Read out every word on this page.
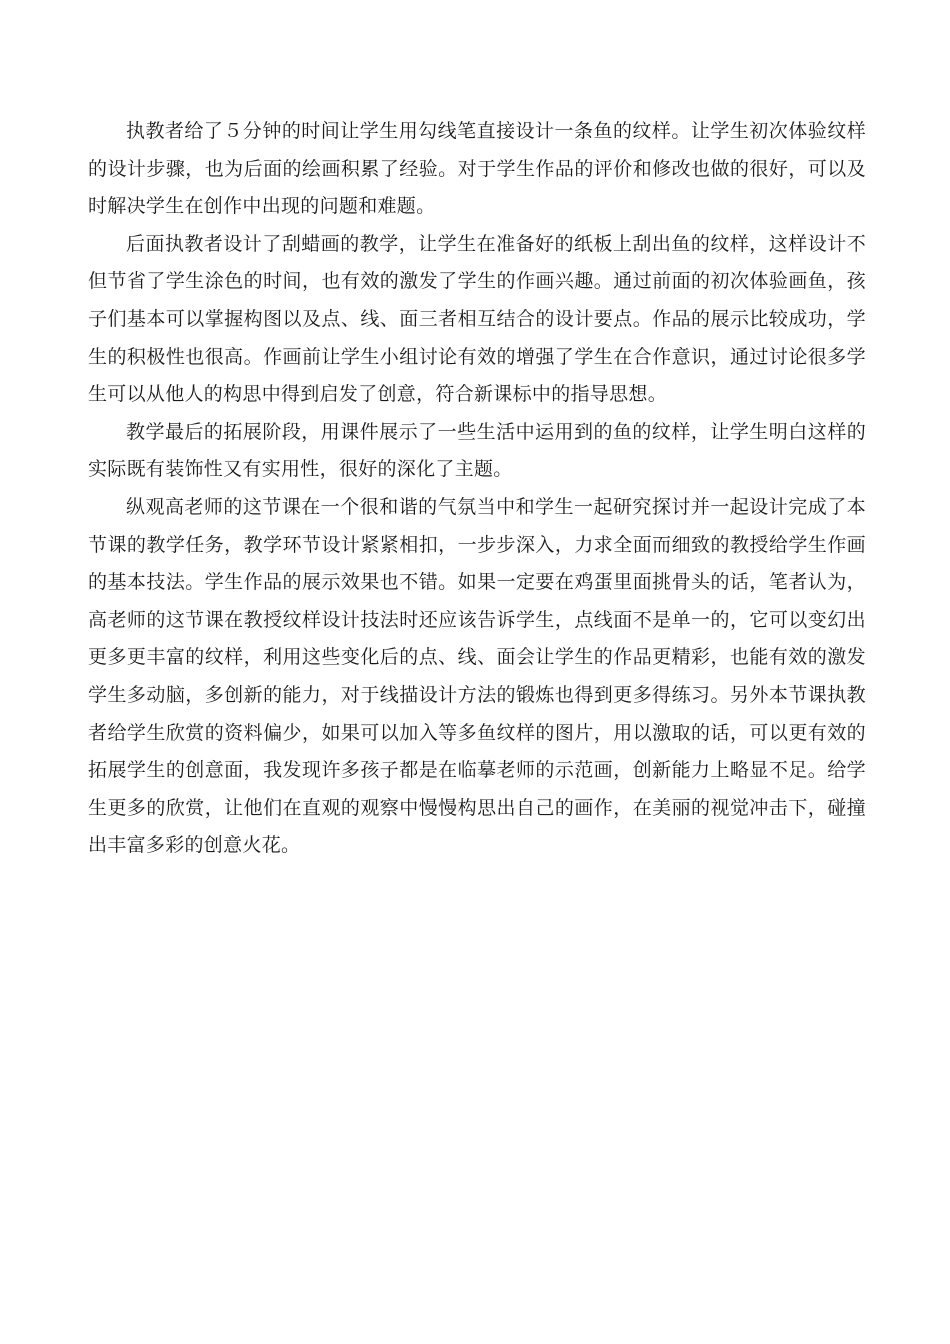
执教者给了５分钟的时间让学生用勾线笔直接设计一条鱼的纹样。让学生初次体验纹样的设计步骤，也为后面的绘画积累了经验。对于学生作品的评价和修改也做的很好，可以及时解决学生在创作中出现的问题和难题。

后面执教者设计了刮蜡画的教学，让学生在准备好的纸板上刮出鱼的纹样，这样设计不但节省了学生涂色的时间，也有效的激发了学生的作画兴趣。通过前面的初次体验画鱼，孩子们基本可以掌握构图以及点、线、面三者相互结合的设计要点。作品的展示比较成功，学生的积极性也很高。作画前让学生小组讨论有效的增强了学生在合作意识，通过讨论很多学生可以从他人的构思中得到启发了创意，符合新课标中的指导思想。

教学最后的拓展阶段，用课件展示了一些生活中运用到的鱼的纹样，让学生明白这样的实际既有装饰性又有实用性，很好的深化了主题。

纵观高老师的这节课在一个很和谐的气氛当中和学生一起研究探讨并一起设计完成了本节课的教学任务，教学环节设计紧紧相扣，一步步深入，力求全面而细致的教授给学生作画的基本技法。学生作品的展示效果也不错。如果一定要在鸡蛋里面挑骨头的话，笔者认为，高老师的这节课在教授纹样设计技法时还应该告诉学生，点线面不是单一的，它可以变幻出更多更丰富的纹样，利用这些变化后的点、线、面会让学生的作品更精彩，也能有效的激发学生多动脑，多创新的能力，对于线描设计方法的锻炼也得到更多得练习。另外本节课执教者给学生欣赏的资料偏少，如果可以加入等多鱼纹样的图片，用以激取的话，可以更有效的拓展学生的创意面，我发现许多孩子都是在临摹老师的示范画，创新能力上略显不足。给学生更多的欣赏，让他们在直观的观察中慢慢构思出自己的画作，在美丽的视觉冲击下，碰撞出丰富多彩的创意火花。
